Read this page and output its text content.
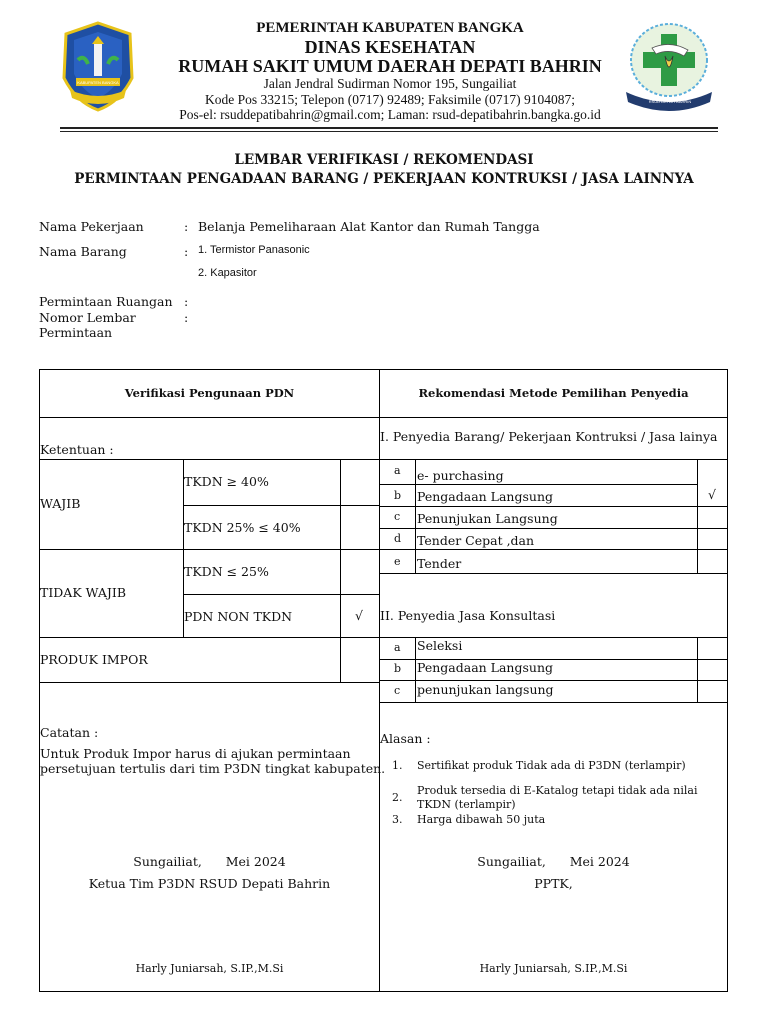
KABUPATEN BANGKA
RSUD DEPATI BAHRIN
PEMERINTAH KABUPATEN BANGKA
DINAS KESEHATAN
RUMAH SAKIT UMUM DAERAH DEPATI BAHRIN
Jalan Jendral Sudirman Nomor 195, Sungailiat
Kode Pos 33215; Telepon (0717) 92489; Faksimile (0717) 9104087;
Pos-el: rsuddepatibahrin@gmail.com; Laman: rsud-depatibahrin.bangka.go.id
LEMBAR VERIFIKASI / REKOMENDASI
PERMINTAAN PENGADAAN BARANG / PEKERJAAN KONTRUKSI / JASA LAINNYA
Nama Pekerjaan	: Belanja Pemeliharaan Alat Kantor dan Rumah Tangga
Nama Barang	: 1. Termistor Panasonic
2. Kapasitor
Permintaan Ruangan :
Nomor Lembar	:
Permintaan
Verifikasi Pengunaan PDN	Rekomendasi Metode Pemilihan Penyedia
Ketentuan :
WAJIB
TKDN ≥ 40%
TKDN 25% ≤ 40%
TIDAK WAJIB
TKDN ≤ 25%
PDN NON TKDN	√
PRODUK IMPOR
I. Penyedia Barang/ Pekerjaan Kontruksi / Jasa lainya
a e- purchasing
b Pengadaan Langsung	√
c Penunjukan Langsung
d Tender Cepat ,dan
e Tender
II. Penyedia Jasa Konsultasi
a Seleksi
b Pengadaan Langsung
c penunjukan langsung
Catatan :
Untuk Produk Impor harus di ajukan permintaan
persetujuan tertulis dari tim P3DN tingkat kabupaten.
Alasan :
1. Sertifikat produk Tidak ada di P3DN (terlampir)
2.
Produk tersedia di E-Katalog tetapi tidak ada nilai
TKDN (terlampir)
3. Harga dibawah 50 juta
Sungailiat,      Mei 2024
Ketua Tim P3DN RSUD Depati Bahrin
Harly Juniarsah, S.IP.,M.Si
Sungailiat,      Mei 2024
PPTK,
Harly Juniarsah, S.IP.,M.Si
